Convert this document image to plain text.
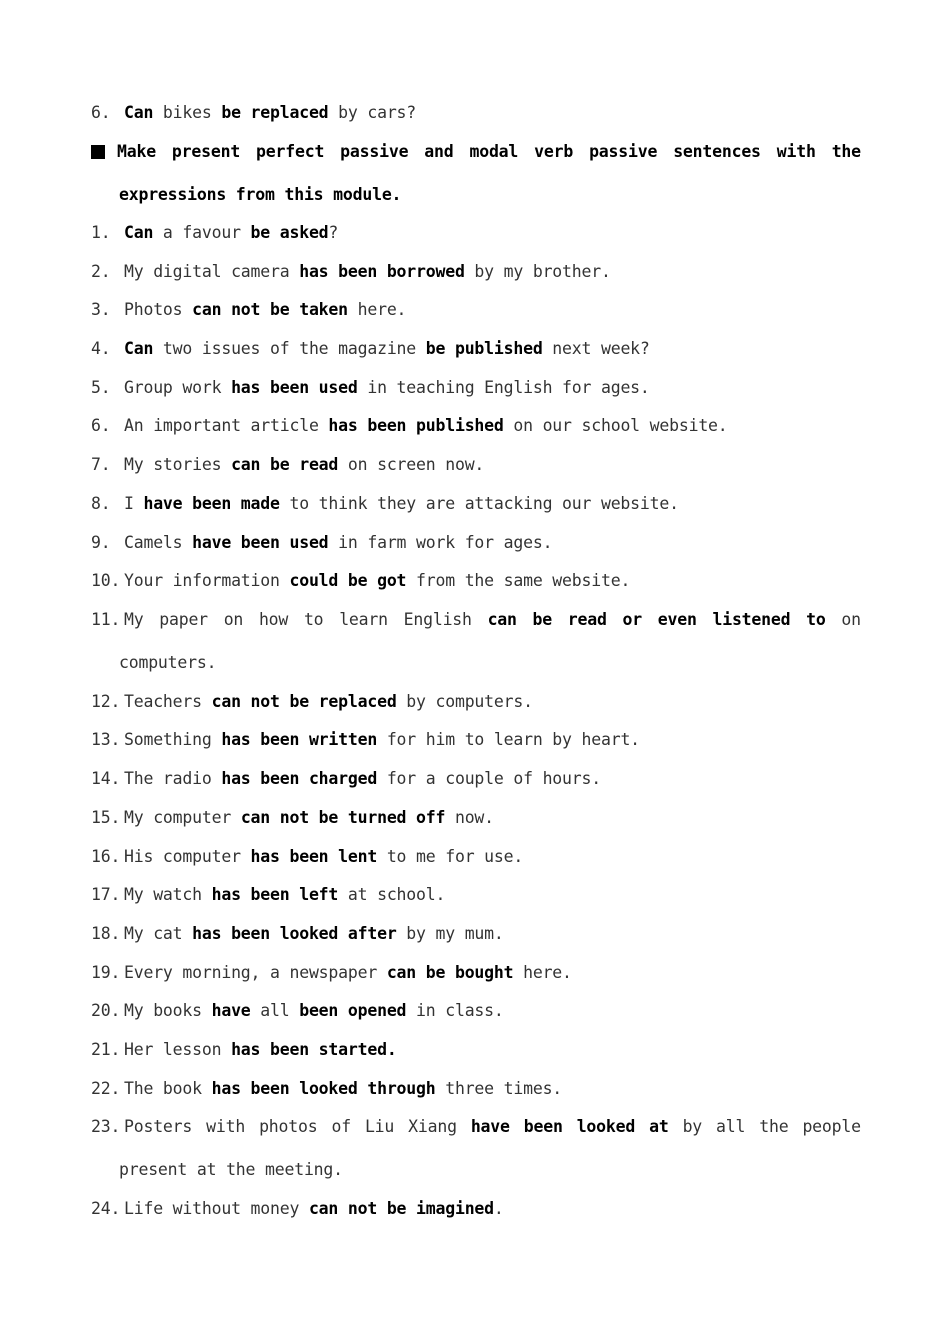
6. Can bikes be replaced by cars?
Make present perfect passive and modal verb passive sentences with the
expressions from this module.
1. Can a favour be asked?
2. My digital camera has been borrowed by my brother.
3. Photos can not be taken here.
4. Can two issues of the magazine be published next week?
5. Group work has been used in teaching English for ages.
6. An important article has been published on our school website.
7. My stories can be read on screen now.
8. I have been made to think they are attacking our website.
9. Camels have been used in farm work for ages.
10. Your information could be got from the same website.
11. My paper on how to learn English can be read or even listened to on
computers.
12. Teachers can not be replaced by computers.
13. Something has been written for him to learn by heart.
14. The radio has been charged for a couple of hours.
15. My computer can not be turned off now.
16. His computer has been lent to me for use.
17. My watch has been left at school.
18. My cat has been looked after by my mum.
19. Every morning, a newspaper can be bought here.
20. My books have all been opened in class.
21. Her lesson has been started.
22. The book has been looked through three times.
23. Posters with photos of Liu Xiang have been looked at by all the people
present at the meeting.
24. Life without money can not be imagined.
